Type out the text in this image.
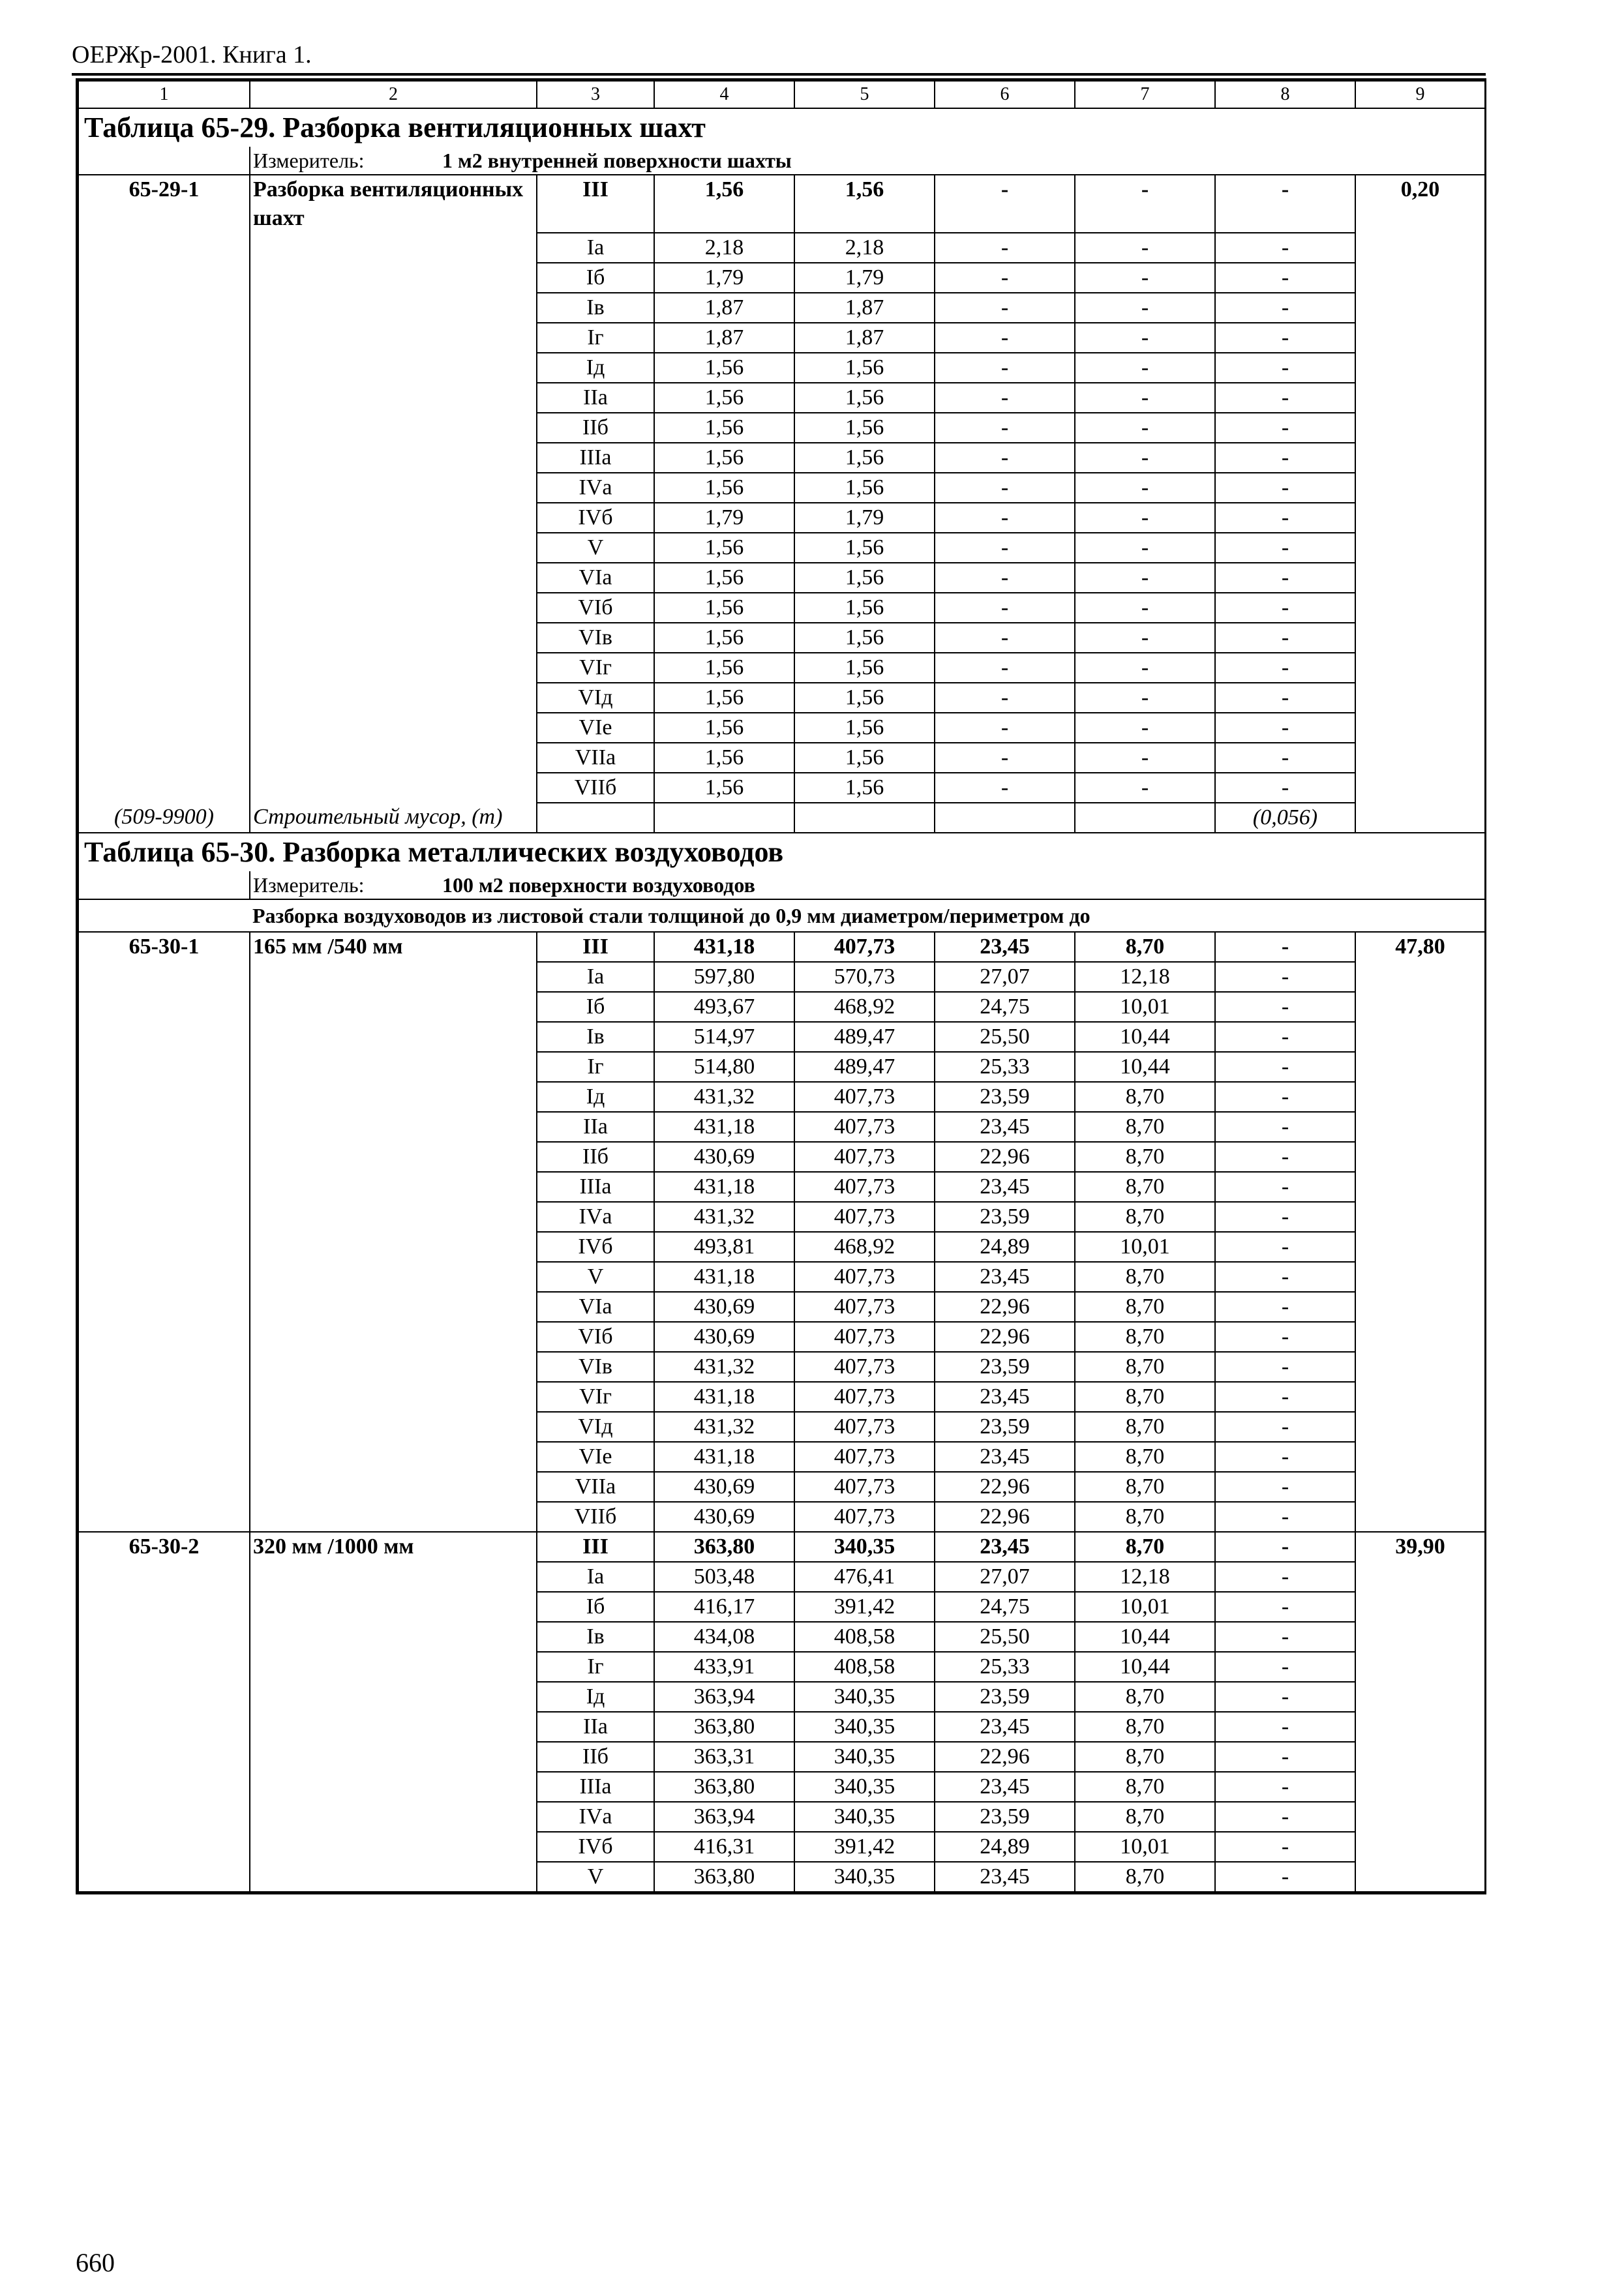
ОЕРЖр-2001. Книга 1.
1	2	3	4	5	6	7	8	9
Таблица 65-29. Разборка вентиляционных шахт								
	Измеритель: 1 м2 внутренней поверхности шахты							
65-29-1	Разборка вентиляционных шахт	III	1,56	1,56	-	-	-	0,20
		Iа	2,18	2,18	-	-	-	
		Iб	1,79	1,79	-	-	-	
		Iв	1,87	1,87	-	-	-	
		Iг	1,87	1,87	-	-	-	
		Iд	1,56	1,56	-	-	-	
		IIа	1,56	1,56	-	-	-	
		IIб	1,56	1,56	-	-	-	
		IIIа	1,56	1,56	-	-	-	
		IVа	1,56	1,56	-	-	-	
		IVб	1,79	1,79	-	-	-	
		V	1,56	1,56	-	-	-	
		VIа	1,56	1,56	-	-	-	
		VIб	1,56	1,56	-	-	-	
		VIв	1,56	1,56	-	-	-	
		VIг	1,56	1,56	-	-	-	
		VIд	1,56	1,56	-	-	-	
		VIе	1,56	1,56	-	-	-	
		VIIа	1,56	1,56	-	-	-	
		VIIб	1,56	1,56	-	-	-	
(509-9900)	Строительный мусор, (т)						(0,056)	
Таблица 65-30. Разборка металлических воздуховодов								
	Измеритель: 100 м2 поверхности воздуховодов							
Разборка воздуховодов из листовой стали толщиной до 0,9 мм диаметром/периметром до								
65-30-1	165 мм /540 мм	III	431,18	407,73	23,45	8,70	-	47,80
		Iа	597,80	570,73	27,07	12,18	-	
		Iб	493,67	468,92	24,75	10,01	-	
		Iв	514,97	489,47	25,50	10,44	-	
		Iг	514,80	489,47	25,33	10,44	-	
		Iд	431,32	407,73	23,59	8,70	-	
		IIа	431,18	407,73	23,45	8,70	-	
		IIб	430,69	407,73	22,96	8,70	-	
		IIIа	431,18	407,73	23,45	8,70	-	
		IVа	431,32	407,73	23,59	8,70	-	
		IVб	493,81	468,92	24,89	10,01	-	
		V	431,18	407,73	23,45	8,70	-	
		VIа	430,69	407,73	22,96	8,70	-	
		VIб	430,69	407,73	22,96	8,70	-	
		VIв	431,32	407,73	23,59	8,70	-	
		VIг	431,18	407,73	23,45	8,70	-	
		VIд	431,32	407,73	23,59	8,70	-	
		VIе	431,18	407,73	23,45	8,70	-	
		VIIа	430,69	407,73	22,96	8,70	-	
		VIIб	430,69	407,73	22,96	8,70	-	
65-30-2	320 мм /1000 мм	III	363,80	340,35	23,45	8,70	-	39,90
		Iа	503,48	476,41	27,07	12,18	-	
		Iб	416,17	391,42	24,75	10,01	-	
		Iв	434,08	408,58	25,50	10,44	-	
		Iг	433,91	408,58	25,33	10,44	-	
		Iд	363,94	340,35	23,59	8,70	-	
		IIа	363,80	340,35	23,45	8,70	-	
		IIб	363,31	340,35	22,96	8,70	-	
		IIIа	363,80	340,35	23,45	8,70	-	
		IVа	363,94	340,35	23,59	8,70	-	
		IVб	416,31	391,42	24,89	10,01	-	
		V	363,80	340,35	23,45	8,70	-	
660
